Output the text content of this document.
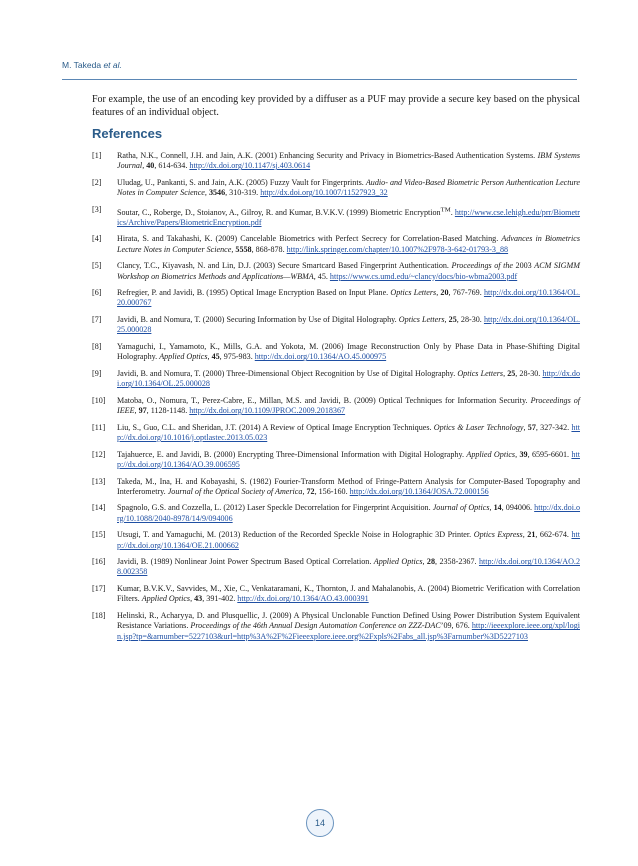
M. Takeda et al.
For example, the use of an encoding key provided by a diffuser as a PUF may provide a secure key based on the physical features of an individual object.
References
[1] Ratha, N.K., Connell, J.H. and Jain, A.K. (2001) Enhancing Security and Privacy in Biometrics-Based Authentication Systems. IBM Systems Journal, 40, 614-634. http://dx.doi.org/10.1147/sj.403.0614
[2] Uludag, U., Pankanti, S. and Jain, A.K. (2005) Fuzzy Vault for Fingerprints. Audio- and Video-Based Biometric Person Authentication Lecture Notes in Computer Science, 3546, 310-319. http://dx.doi.org/10.1007/11527923_32
[3] Soutar, C., Roberge, D., Stoianov, A., Gilroy, R. and Kumar, B.V.K.V. (1999) Biometric Encryption™. http://www.cse.lehigh.edu/prr/Biometrics/Archive/Papers/BiometricEncryption.pdf
[4] Hirata, S. and Takahashi, K. (2009) Cancelable Biometrics with Perfect Secrecy for Correlation-Based Matching. Advances in Biometrics Lecture Notes in Computer Science, 5558, 868-878. http://link.springer.com/chapter/10.1007%2F978-3-642-01793-3_88
[5] Clancy, T.C., Kiyavash, N. and Lin, D.J. (2003) Secure Smartcard Based Fingerprint Authentication. Proceedings of the 2003 ACM SIGMM Workshop on Biometrics Methods and Applications—WBMA, 45. https://www.cs.umd.edu/~clancy/docs/bio-wbma2003.pdf
[6] Refregier, P. and Javidi, B. (1995) Optical Image Encryption Based on Input Plane. Optics Letters, 20, 767-769. http://dx.doi.org/10.1364/OL.20.000767
[7] Javidi, B. and Nomura, T. (2000) Securing Information by Use of Digital Holography. Optics Letters, 25, 28-30. http://dx.doi.org/10.1364/OL.25.000028
[8] Yamaguchi, I., Yamamoto, K., Mills, G.A. and Yokota, M. (2006) Image Reconstruction Only by Phase Data in Phase-Shifting Digital Holography. Applied Optics, 45, 975-983. http://dx.doi.org/10.1364/AO.45.000975
[9] Javidi, B. and Nomura, T. (2000) Three-Dimensional Object Recognition by Use of Digital Holography. Optics Letters, 25, 28-30. http://dx.doi.org/10.1364/OL.25.000028
[10] Matoba, O., Nomura, T., Perez-Cabre, E., Millan, M.S. and Javidi, B. (2009) Optical Techniques for Information Security. Proceedings of IEEE, 97, 1128-1148. http://dx.doi.org/10.1109/JPROC.2009.2018367
[11] Liu, S., Guo, C.L. and Sheridan, J.T. (2014) A Review of Optical Image Encryption Techniques. Optics & Laser Technology, 57, 327-342. http://dx.doi.org/10.1016/j.optlastec.2013.05.023
[12] Tajahuerce, E. and Javidi, B. (2000) Encrypting Three-Dimensional Information with Digital Holography. Applied Optics, 39, 6595-6601. http://dx.doi.org/10.1364/AO.39.006595
[13] Takeda, M., Ina, H. and Kobayashi, S. (1982) Fourier-Transform Method of Fringe-Pattern Analysis for Computer-Based Topography and Interferometry. Journal of the Optical Society of America, 72, 156-160. http://dx.doi.org/10.1364/JOSA.72.000156
[14] Spagnolo, G.S. and Cozzella, L. (2012) Laser Speckle Decorrelation for Fingerprint Acquisition. Journal of Optics, 14, 094006. http://dx.doi.org/10.1088/2040-8978/14/9/094006
[15] Utsugi, T. and Yamaguchi, M. (2013) Reduction of the Recorded Speckle Noise in Holographic 3D Printer. Optics Express, 21, 662-674. http://dx.doi.org/10.1364/OE.21.000662
[16] Javidi, B. (1989) Nonlinear Joint Power Spectrum Based Optical Correlation. Applied Optics, 28, 2358-2367. http://dx.doi.org/10.1364/AO.28.002358
[17] Kumar, B.V.K.V., Savvides, M., Xie, C., Venkataramani, K., Thornton, J. and Mahalanobis, A. (2004) Biometric Verification with Correlation Filters. Applied Optics, 43, 391-402. http://dx.doi.org/10.1364/AO.43.000391
[18] Helinski, R., Acharyya, D. and Plusquellic, J. (2009) A Physical Unclonable Function Defined Using Power Distribution System Equivalent Resistance Variations. Proceedings of the 46th Annual Design Automation Conference on ZZZ-DAC’09, 676. http://ieeexplore.ieee.org/xpl/login.jsp?tp=&arnumber=5227103&url=http%3A%2F%2Fieeexplore.ieee.org%2Fxpls%2Fabs_all.jsp%3Farnumber%3D5227103
14
